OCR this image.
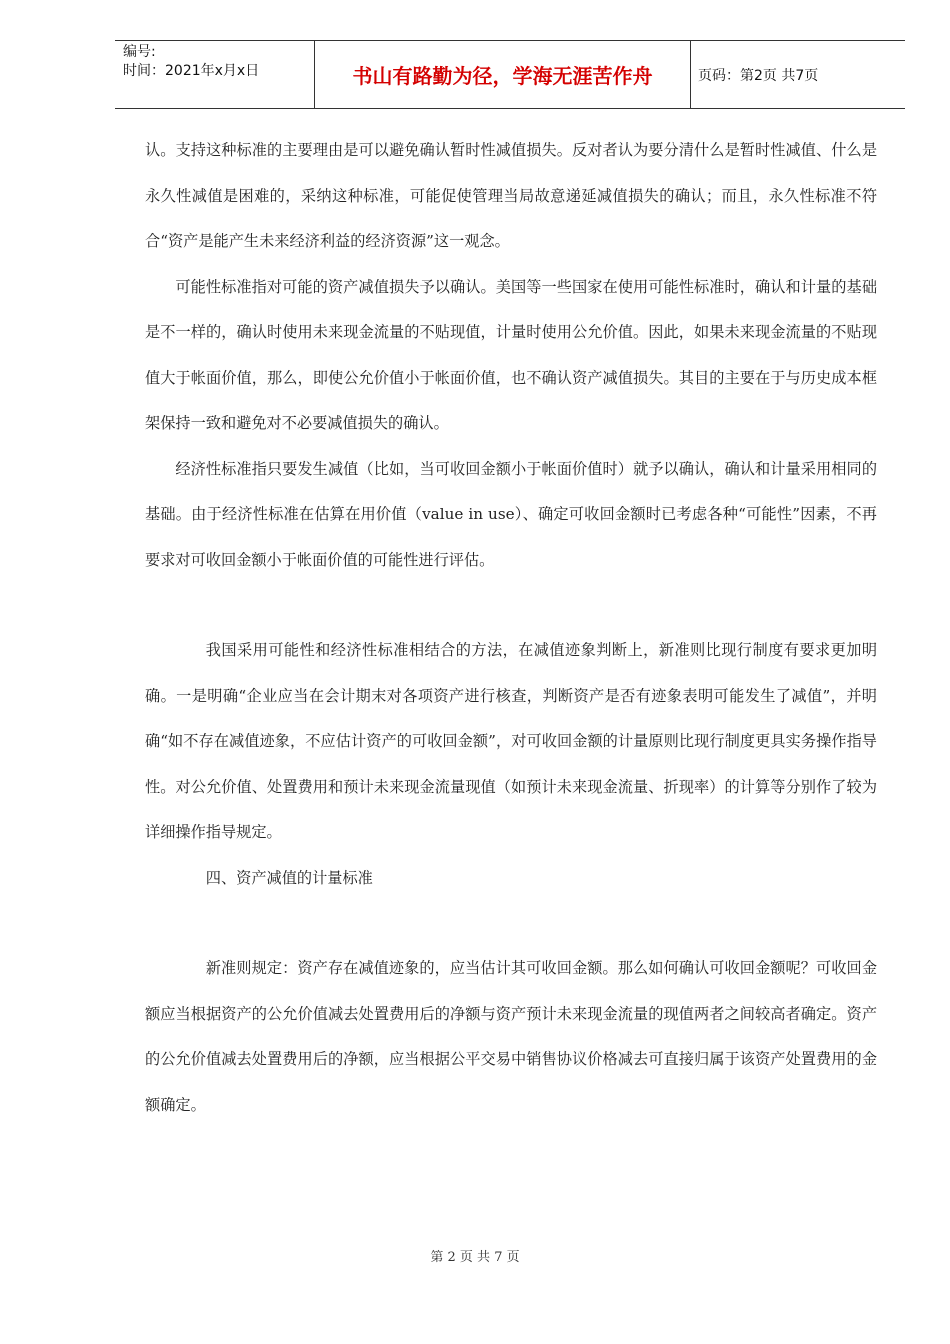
编号:
时间：2021年x月x日	书山有路勤为径，学海无涯苦作舟	页码：第2页 共7页

认。支持这种标准的主要理由是可以避免确认暂时性减值损失。反对者认为要分清什么是暂时性减值、什么是永久性减值是困难的，采纳这种标准，可能促使管理当局故意递延减值损失的确认；而且，永久性标准不符合“资产是能产生未来经济利益的经济资源”这一观念。

可能性标准指对可能的资产减值损失予以确认。美国等一些国家在使用可能性标准时，确认和计量的基础是不一样的，确认时使用未来现金流量的不贴现值，计量时使用公允价值。因此，如果未来现金流量的不贴现值大于帐面价值，那么，即使公允价值小于帐面价值，也不确认资产减值损失。其目的主要在于与历史成本框架保持一致和避免对不必要减值损失的确认。

经济性标准指只要发生减值（比如，当可收回金额小于帐面价值时）就予以确认，确认和计量采用相同的基础。由于经济性标准在估算在用价值（value in use）、确定可收回金额时已考虑各种“可能性”因素，不再要求对可收回金额小于帐面价值的可能性进行评估。

我国采用可能性和经济性标准相结合的方法，在减值迹象判断上，新准则比现行制度有要求更加明确。一是明确“企业应当在会计期末对各项资产进行核查，判断资产是否有迹象表明可能发生了减值”，并明确“如不存在减值迹象，不应估计资产的可收回金额”，对可收回金额的计量原则比现行制度更具实务操作指导性。对公允价值、处置费用和预计未来现金流量现值（如预计未来现金流量、折现率）的计算等分别作了较为详细操作指导规定。

四、资产减值的计量标准

新准则规定：资产存在减值迹象的，应当估计其可收回金额。那么如何确认可收回金额呢？可收回金额应当根据资产的公允价值减去处置费用后的净额与资产预计未来现金流量的现值两者之间较高者确定。资产的公允价值减去处置费用后的净额，应当根据公平交易中销售协议价格减去可直接归属于该资产处置费用的金额确定。

第 2 页 共 7 页
